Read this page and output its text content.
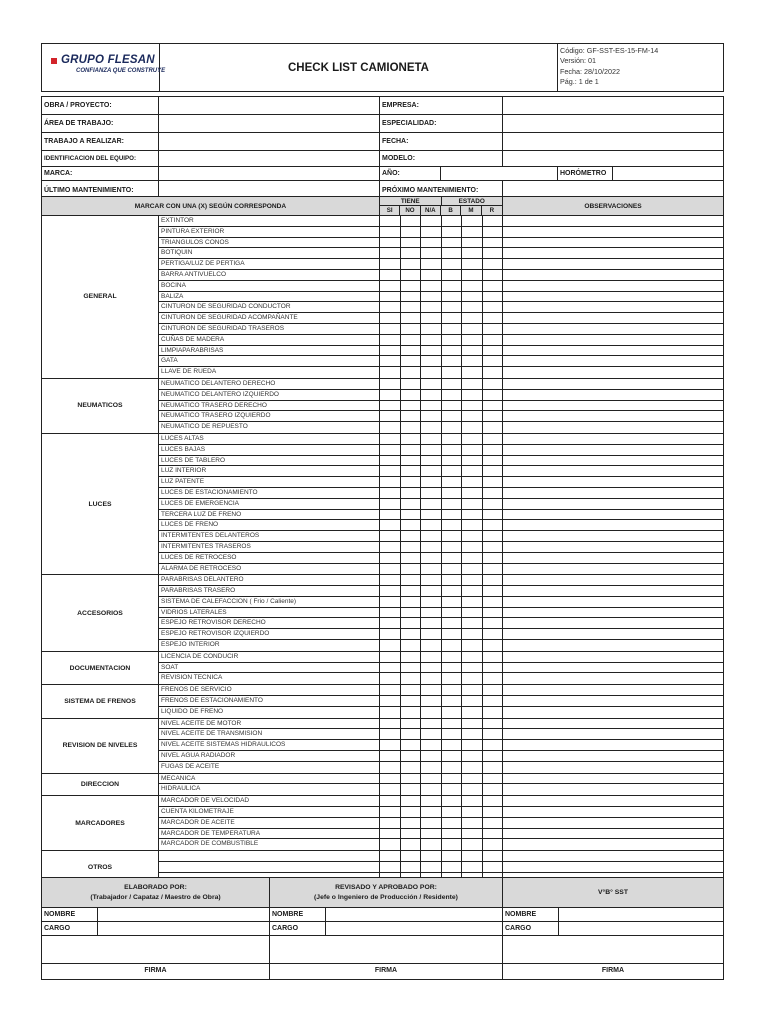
GRUPO FLESAN
CONFIANZA QUE CONSTRUYE	CHECK LIST CAMIONETA
Código: GF-SST-ES-15-FM-14
Versión: 01
Fecha: 28/10/2022
Pág.: 1 de 1
OBRA / PROYECTO:	EMPRESA:
ÁREA DE TRABAJO:	ESPECIALIDAD:
TRABAJO A REALIZAR:	FECHA:
IDENTIFICACION DEL EQUIPO:	MODELO:
MARCA:	AÑO:	HORÓMETRO
ÚLTIMO MANTENIMIENTO:	PRÓXIMO MANTENIMIENTO:
MARCAR CON UNA (X) SEGÚN CORRESPONDA
TIENE	ESTADO
SI	NO	N/A	B	M	R
OBSERVACIONES
GENERAL
EXTINTOR
PINTURA EXTERIOR
TRIANGULOS CONOS
BOTIQUIN
PERTIGA/LUZ DE PERTIGA
BARRA ANTIVUELCO
BOCINA
BALIZA
CINTURON DE SEGURIDAD CONDUCTOR
CINTURON DE SEGURIDAD ACOMPAÑANTE
CINTURON DE SEGURIDAD TRASEROS
CUÑAS DE MADERA
LIMPIAPARABRISAS
GATA
LLAVE DE RUEDA
NEUMATICOS
NEUMATICO DELANTERO DERECHO
NEUMATICO DELANTERO IZQUIERDO
NEUMATICO TRASERO DERECHO
NEUMATICO TRASERO IZQUIERDO
NEUMATICO DE REPUESTO
LUCES
LUCES ALTAS
LUCES BAJAS
LUCES DE TABLERO
LUZ INTERIOR
LUZ PATENTE
LUCES DE ESTACIONAMIENTO
LUCES DE EMERGENCIA
TERCERA LUZ DE FRENO
LUCES DE FRENO
INTERMITENTES DELANTEROS
INTERMITENTES TRASEROS
LUCES DE RETROCESO
ALARMA DE RETROCESO
ACCESORIOS
PARABRISAS DELANTERO
PARABRISAS TRASERO
SISTEMA DE CALEFACCION ( Frio / Caliente)
VIDRIOS LATERALES
ESPEJO RETROVISOR DERECHO
ESPEJO RETROVISOR IZQUIERDO
ESPEJO INTERIOR
DOCUMENTACION
LICENCIA DE CONDUCIR
SOAT
REVISION TECNICA
SISTEMA DE FRENOS
FRENOS DE SERVICIO
FRENOS DE ESTACIONAMIENTO
LIQUIDO DE FRENO
REVISION DE NIVELES
NIVEL ACEITE DE MOTOR
NIVEL ACEITE DE TRANSMISION
NIVEL ACEITE SISTEMAS HIDRAULICOS
NIVEL AGUA RADIADOR
FUGAS DE ACEITE
DIRECCION
MECANICA
HIDRAULICA
MARCADORES
MARCADOR DE VELOCIDAD
CUENTA KILOMETRAJE
MARCADOR DE ACEITE
MARCADOR DE TEMPERATURA
MARCADOR DE COMBUSTIBLE
OTROS
ELABORADO POR:
(Trabajador / Capataz / Maestro de Obra)
NOMBRE
CARGO
FIRMA
REVISADO Y APROBADO POR:
(Jefe o Ingeniero de Producción / Residente)
NOMBRE
CARGO
FIRMA
V°B° SST
NOMBRE
CARGO
FIRMA
